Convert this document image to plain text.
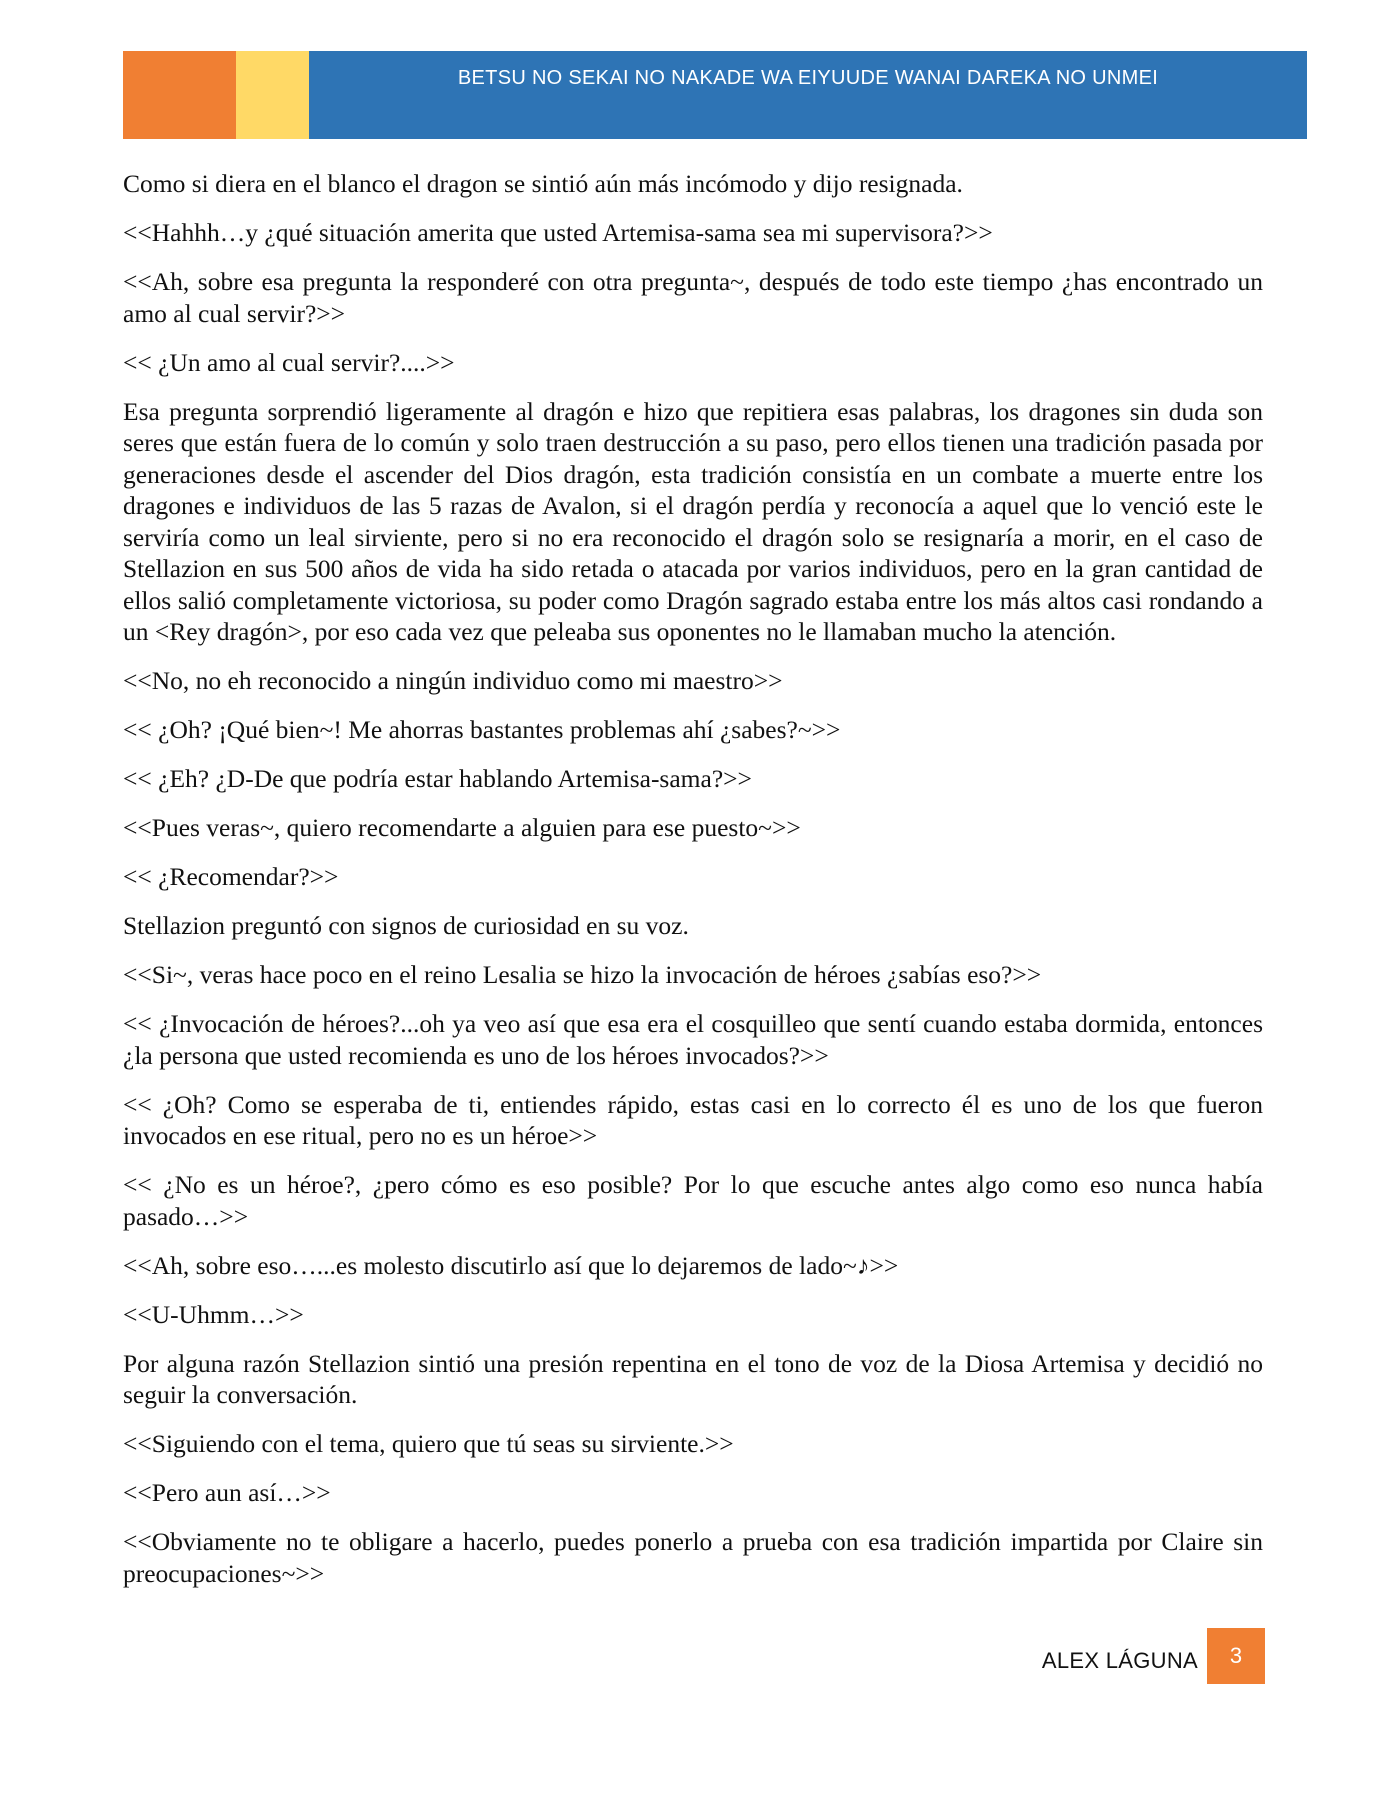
BETSU NO SEKAI NO NAKADE WA EIYUUDE WANAI DAREKA NO UNMEI

Como si diera en el blanco el dragon se sintió aún más incómodo y dijo resignada.

<<Hahhh…y ¿qué situación amerita que usted Artemisa-sama sea mi supervisora?>>

<<Ah, sobre esa pregunta la responderé con otra pregunta~, después de todo este tiempo ¿has encontrado un amo al cual servir?>>

<< ¿Un amo al cual servir?....>>

Esa pregunta sorprendió ligeramente al dragón e hizo que repitiera esas palabras, los dragones sin duda son seres que están fuera de lo común y solo traen destrucción a su paso, pero ellos tienen una tradición pasada por generaciones desde el ascender del Dios dragón, esta tradición consistía en un combate a muerte entre los dragones e individuos de las 5 razas de Avalon, si el dragón perdía y reconocía a aquel que lo venció este le serviría como un leal sirviente, pero si no era reconocido el dragón solo se resignaría a morir, en el caso de Stellazion en sus 500 años de vida ha sido retada o atacada por varios individuos, pero en la gran cantidad de ellos salió completamente victoriosa, su poder como Dragón sagrado estaba entre los más altos casi rondando a un <Rey dragón>, por eso cada vez que peleaba sus oponentes no le llamaban mucho la atención.

<<No, no eh reconocido a ningún individuo como mi maestro>>

<< ¿Oh? ¡Qué bien~! Me ahorras bastantes problemas ahí ¿sabes?~>>

<< ¿Eh? ¿D-De que podría estar hablando Artemisa-sama?>>

<<Pues veras~, quiero recomendarte a alguien para ese puesto~>>

<< ¿Recomendar?>>

Stellazion preguntó con signos de curiosidad en su voz.

<<Si~, veras hace poco en el reino Lesalia se hizo la invocación de héroes ¿sabías eso?>>

<< ¿Invocación de héroes?...oh ya veo así que esa era el cosquilleo que sentí cuando estaba dormida, entonces ¿la persona que usted recomienda es uno de los héroes invocados?>>

<< ¿Oh? Como se esperaba de ti, entiendes rápido, estas casi en lo correcto él es uno de los que fueron invocados en ese ritual, pero no es un héroe>>

<< ¿No es un héroe?, ¿pero cómo es eso posible? Por lo que escuche antes algo como eso nunca había pasado…>>

<<Ah, sobre eso…...es molesto discutirlo así que lo dejaremos de lado~♪>>

<<U-Uhmm…>>

Por alguna razón Stellazion sintió una presión repentina en el tono de voz de la Diosa Artemisa y decidió no seguir la conversación.

<<Siguiendo con el tema, quiero que tú seas su sirviente.>>

<<Pero aun así…>>

<<Obviamente no te obligare a hacerlo, puedes ponerlo a prueba con esa tradición impartida por Claire sin preocupaciones~>>

ALEX LÁGUNA 3
